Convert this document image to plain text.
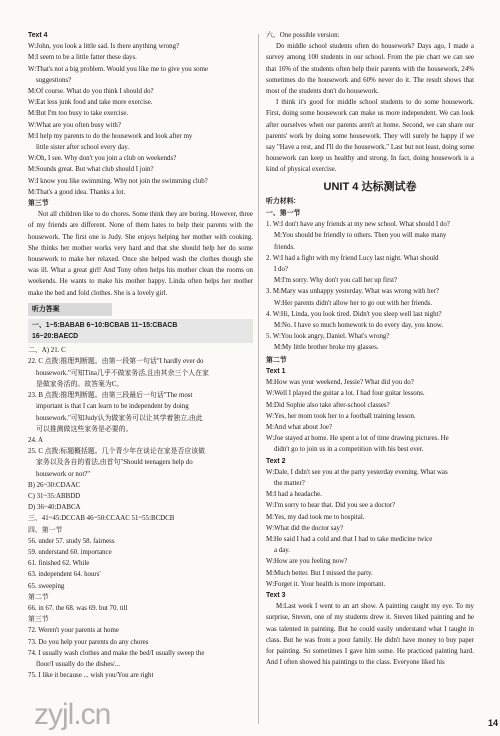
Text 4
W:John, you look a little sad. Is there anything wrong?
M:I seem to be a little fatter these days.
W:That's not a big problem. Would you like me to give you some
suggestions?
M:Of course. What do you think I should do?
W:Eat less junk food and take more exercise.
M:But I'm too busy to take exercise.
W:What are you often busy with?
M:I help my parents to do the housework and look after my
little sister after school every day.
W:Oh, I see. Why don't you join a club on weekends?
M:Sounds great. But what club should I join?
W:I know you like swimming. Why not join the swimming club?
M:That's a good idea. Thanks a lot.
第三节

Not all children like to do chores. Some think they are boring. However, three of my friends are different. None of them hates to help their parents with the housework. The first one is Judy. She enjoys helping her mother with cooking. She thinks her mother works very hard and that she should help her do some housework to make her relaxed. Once she helped wash the clothes though she was ill. What a great girl! And Tony often helps his mother clean the rooms on weekends. He wants to make his mother happy. Linda often helps her mother make the bed and fold clothes. She is a lovely girl.

听力答案
一、1~5:BABAB 6~10:BCBAB 11~15:CBACB
16~20:BAECD
二、A) 21. C
22. C 点拨:推理判断题。由第一段第一句话"I hardly ever do
housework."可知Tina几乎不做家务活,且由其余三个人在家
是做家务活的。故答案为C。
23. B 点拨:推理判断题。由第三段最后一句话"The most
important is that I can learn to be independent by doing
housework."可知Judy认为做家务可以让其学着独立,由此
可以推测做这些家务是必要的。
24. A
25. C 点拨:标题概括题。几个青少年在谈论在家是否应该做
家务以及各自的看法,由首句"Should teenagers help do
housework or not?"
B) 26~30:CDAAC
C) 31~35:ABBDD
D) 36~40:DABCA
三、41~45:DCCAB 46~50:CCAAC 51~55:BCDCB
四、第一节
56. under 57. study 58. fairness
59. understand 60. importance
61. finished 62. While
63. independent 64. hours'
65. sweeping
第二节
66. in 67. the 68. was 69. but 70. till
第三节
72. Weren't your parents at home
73. Do you help your parents do any chores
74. I usually wash clothes and make the bed/I usually sweep the
floor/I usually do the dishes/...
75. I like it because ... wish you/You are right
六、One possible version:

Do middle school students often do housework? Days ago, I made a survey among 100 students in our school. From the pie chart we can see that 16% of the students often help their parents with the housework, 24% sometimes do the housework and 60% never do it. The result shows that most of the students don't do housework.

I think it's good for middle school students to do some housework. First, doing some housework can make us more independent. We can look after ourselves when our parents aren't at home. Second, we can share our parents' work by doing some housework. They will surely be happy if we say "Have a rest, and I'll do the housework." Last but not least, doing some housework can keep us healthy and strong. In fact, doing housework is a kind of physical exercise.

UNIT 4 达标测试卷
听力材料:
一、第一节
1. W:I don't have any friends at my new school. What should I do?
M:You should be friendly to others. Then you will make many
friends.
2. W:I had a fight with my friend Lucy last night. What should
I do?
M:I'm sorry. Why don't you call her up first?
3. M:Mary was unhappy yesterday. What was wrong with her?
W:Her parents didn't allow her to go out with her friends.
4. W:Hi, Linda, you look tired. Didn't you sleep well last night?
M:No. I have so much homework to do every day, you know.
5. W:You look angry, Daniel. What's wrong?
M:My little brother broke my glasses.
第二节
Text 1
M:How was your weekend, Jessie? What did you do?
W:Well I played the guitar a lot. I had four guitar lessons.
M:Did Sophie also take after-school classes?
W:Yes, her mom took her to a football training lesson.
M:And what about Joe?
W:Joe stayed at home. He spent a lot of time drawing pictures. He
didn't go to join us in a competition with his best ever.
Text 2
W:Dale, I didn't see you at the party yesterday evening. What was
the matter?
M:I had a headache.
W:I'm sorry to hear that. Did you see a doctor?
M:Yes, my dad took me to hospital.
W:What did the doctor say?
M:He said I had a cold and that I had to take medicine twice
a day.
W:How are you feeling now?
M:Much better. But I missed the party.
W:Forget it. Your health is more important.
Text 3

M:Last week I went to an art show. A painting caught my eye. To my surprise, Steven, one of my students drew it. Steven liked painting and he was talented in painting. But he could easily understand what I taught in class. But he was from a poor family. He didn't have money to buy paper for painting. So sometimes I gave him some. He practiced painting hard. And I often showed his paintings to the class. Everyone liked his

zyjl.cn	14
